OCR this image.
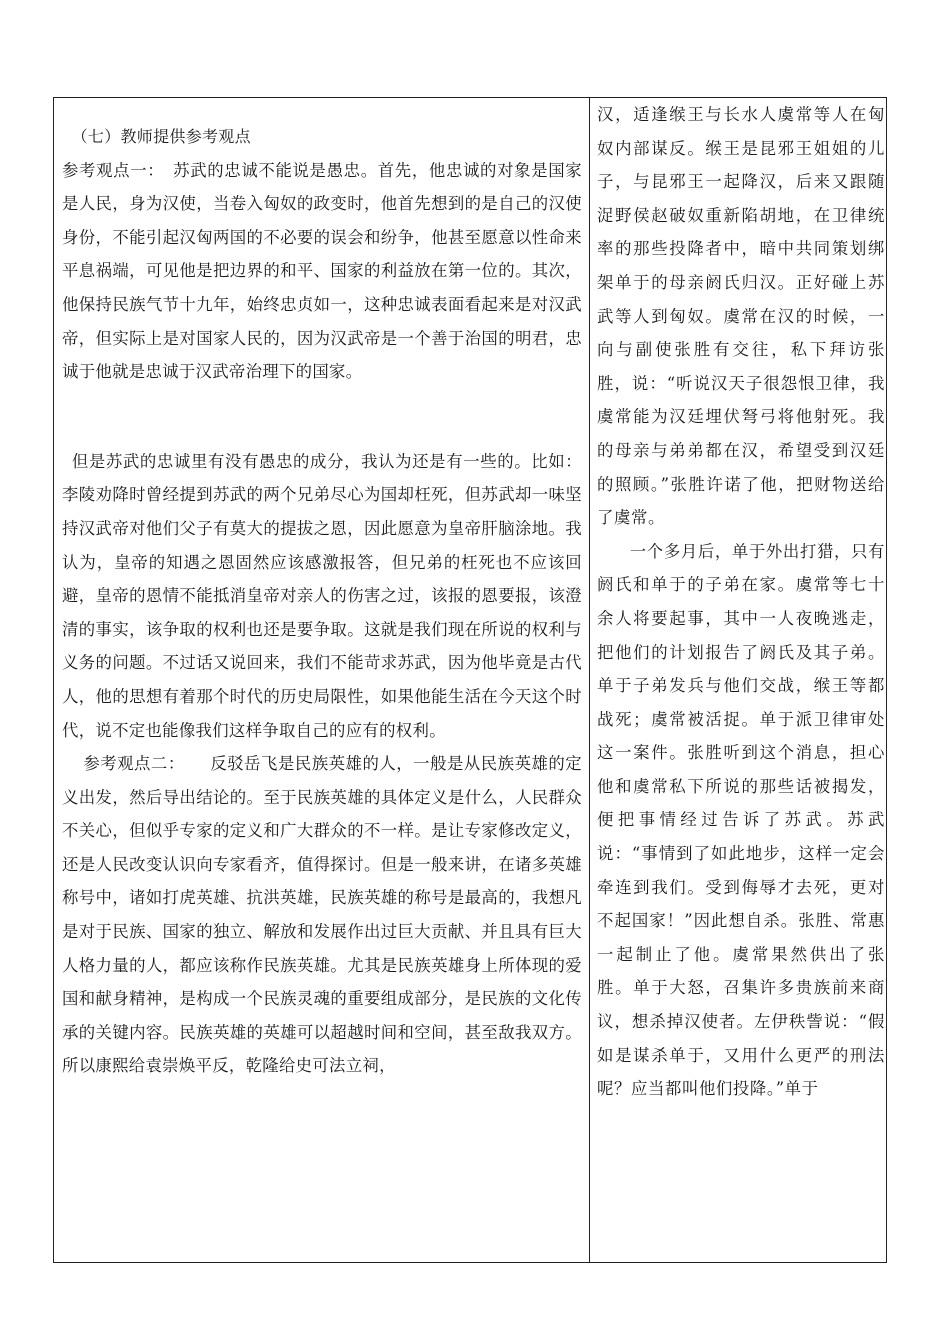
（七）教师提供参考观点

参考观点一：　苏武的忠诚不能说是愚忠。首先，他忠诚的对象是国家是人民，身为汉使，当卷入匈奴的政变时，他首先想到的是自己的汉使身份，不能引起汉匈两国的不必要的误会和纷争，他甚至愿意以性命来平息祸端，可见他是把边界的和平、国家的利益放在第一位的。其次，他保持民族气节十九年，始终忠贞如一，这种忠诚表面看起来是对汉武帝，但实际上是对国家人民的，因为汉武帝是一个善于治国的明君，忠诚于他就是忠诚于汉武帝治理下的国家。

但是苏武的忠诚里有没有愚忠的成分，我认为还是有一些的。比如：李陵劝降时曾经提到苏武的两个兄弟尽心为国却枉死，但苏武却一味坚持汉武帝对他们父子有莫大的提拔之恩，因此愿意为皇帝肝脑涂地。我认为，皇帝的知遇之恩固然应该感激报答，但兄弟的枉死也不应该回避，皇帝的恩情不能抵消皇帝对亲人的伤害之过，该报的恩要报，该澄清的事实，该争取的权利也还是要争取。这就是我们现在所说的权利与义务的问题。不过话又说回来，我们不能苛求苏武，因为他毕竟是古代人，他的思想有着那个时代的历史局限性，如果他能生活在今天这个时代，说不定也能像我们这样争取自己的应有的权利。

参考观点二：　　反驳岳飞是民族英雄的人，一般是从民族英雄的定义出发，然后导出结论的。至于民族英雄的具体定义是什么，人民群众不关心，但似乎专家的定义和广大群众的不一样。是让专家修改定义，还是人民改变认识向专家看齐，值得探讨。但是一般来讲，在诸多英雄称号中，诸如打虎英雄、抗洪英雄，民族英雄的称号是最高的，我想凡是对于民族、国家的独立、解放和发展作出过巨大贡献、并且具有巨大人格力量的人，都应该称作民族英雄。尤其是民族英雄身上所体现的爱国和献身精神，是构成一个民族灵魂的重要组成部分，是民族的文化传承的关键内容。民族英雄的英雄可以超越时间和空间，甚至敌我双方。所以康熙给袁崇焕平反，乾隆给史可法立祠，

汉，适逢缑王与长水人虞常等人在匈奴内部谋反。缑王是昆邪王姐姐的儿子，与昆邪王一起降汉，后来又跟随浞野侯赵破奴重新陷胡地，在卫律统率的那些投降者中，暗中共同策划绑架单于的母亲阏氏归汉。正好碰上苏武等人到匈奴。虞常在汉的时候，一向与副使张胜有交往，私下拜访张胜，说：“听说汉天子很怨恨卫律，我虞常能为汉廷埋伏弩弓将他射死。我的母亲与弟弟都在汉，希望受到汉廷的照顾。”张胜许诺了他，把财物送给了虞常。

一个多月后，单于外出打猎，只有阏氏和单于的子弟在家。虞常等七十余人将要起事，其中一人夜晚逃走，把他们的计划报告了阏氏及其子弟。单于子弟发兵与他们交战，缑王等都战死；虞常被活捉。单于派卫律审处这一案件。张胜听到这个消息，担心他和虞常私下所说的那些话被揭发，便把事情经过告诉了苏武。苏武说：“事情到了如此地步，这样一定会牵连到我们。受到侮辱才去死，更对不起国家！”因此想自杀。张胜、常惠一起制止了他。虞常果然供出了张胜。单于大怒，召集许多贵族前来商议，想杀掉汉使者。左伊秩訾说：“假如是谋杀单于，又用什么更严的刑法呢？应当都叫他们投降。”单于
